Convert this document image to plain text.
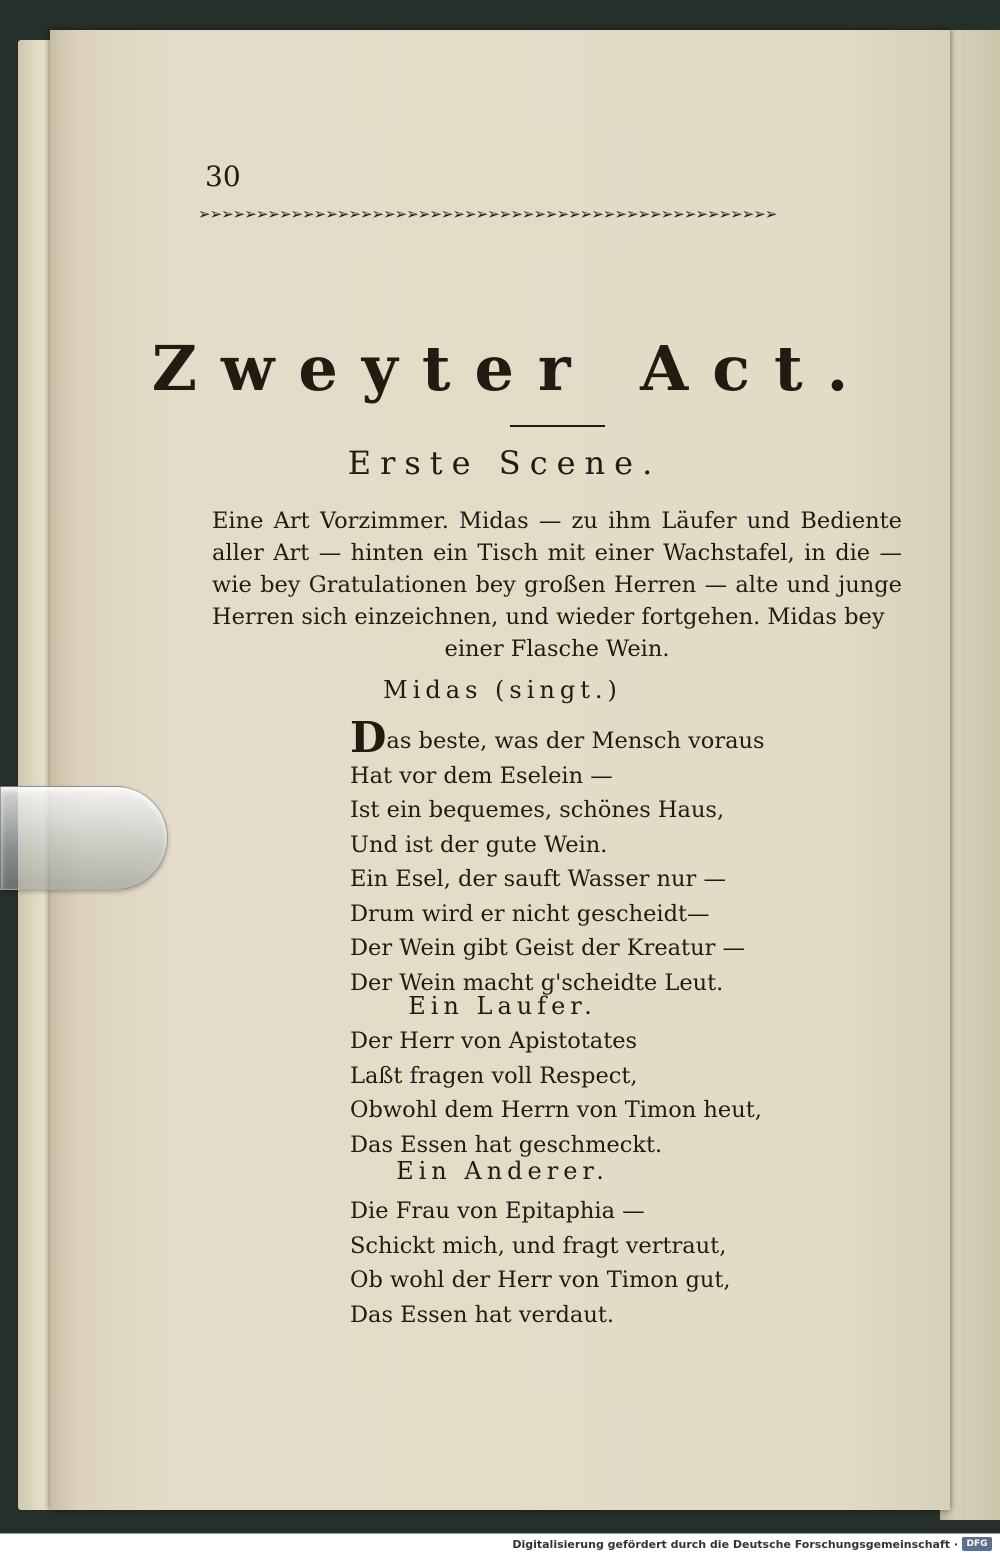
30
➢➢➢➢➢➢➢➢➢➢➢➢➢➢➢➢➢➢➢➢➢➢➢➢➢➢➢➢➢➢➢➢➢➢➢➢➢➢➢➢➢➢➢➢➢➢➢➢➢➢
Zweyter Act.
Erste Scene.
Eine Art Vorzimmer. Midas — zu ihm Läufer und Bediente aller Art — hinten ein Tisch mit einer Wachstafel, in die — wie bey Gratulationen bey großen Herren — alte und junge Herren sich einzeichnen, und wieder fortgehen. Midas bey
einer Flasche Wein.
Midas (singt.)
Das beste, was der Mensch voraus
Hat vor dem Eselein —
Ist ein bequemes, schönes Haus,
Und ist der gute Wein.
Ein Esel, der sauft Wasser nur —
Drum wird er nicht gescheidt—
Der Wein gibt Geist der Kreatur —
Der Wein macht g'scheidte Leut.
Ein Laufer.
Der Herr von Apistotates
Laßt fragen voll Respect,
Obwohl dem Herrn von Timon heut,
Das Essen hat geschmeckt.
Ein Anderer.
Die Frau von Epitaphia —
Schickt mich, und fragt vertraut,
Ob wohl der Herr von Timon gut,
Das Essen hat verdaut.
Digitalisierung gefördert durch die Deutsche Forschungsgemeinschaft · DFG
